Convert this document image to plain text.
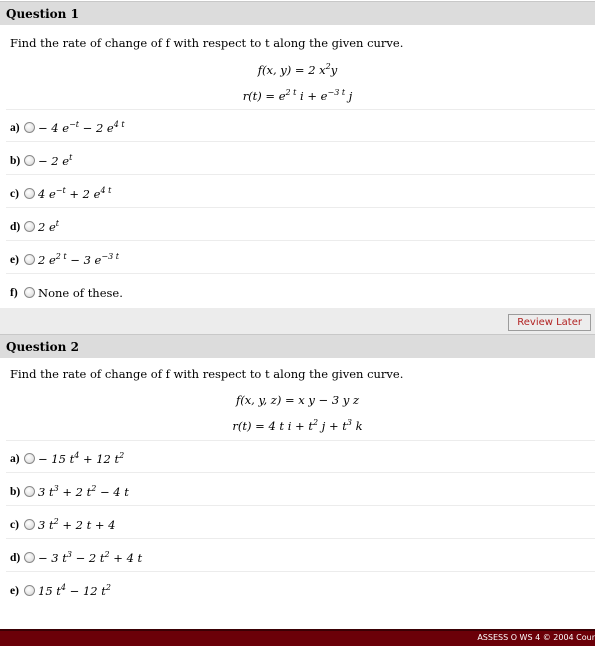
Question 1
Find the rate of change of f with respect to t along the given curve.
f(x, y) = 2 $x^2y$
$r(t) = e^{2 t}$ $i + e^{-3 t}$ j
a)	− 4 $e^{-t} - 2$ $e^{4 t}$
b)	− 2 $e^t$
c)	4 $e^{-t} + 2$ $e^{4 t}$
d)	2 $e^t$
e)	2 $e^{2 t} - 3$ $e^{-3 t}$
f)	None of these.
Review Later
Question 2
Find the rate of change of f with respect to t along the given curve.
f(x, y, z) = x y − 3 y z
r(t) = 4 t $i + t^2$ $j + t^3$ k
a)	− 15 $t^4 + 12$ $t^2$
b)	3 $t^3 + 2$ $t^2 - 4$ t
c)	3 $t^2 + 2$ t + 4
d)	− 3 $t^3 - 2$ $t^2 + 4$ t
e)	15 $t^4 - 12$ $t^2$
ASSESS O WS 4 © 2004 Cour
